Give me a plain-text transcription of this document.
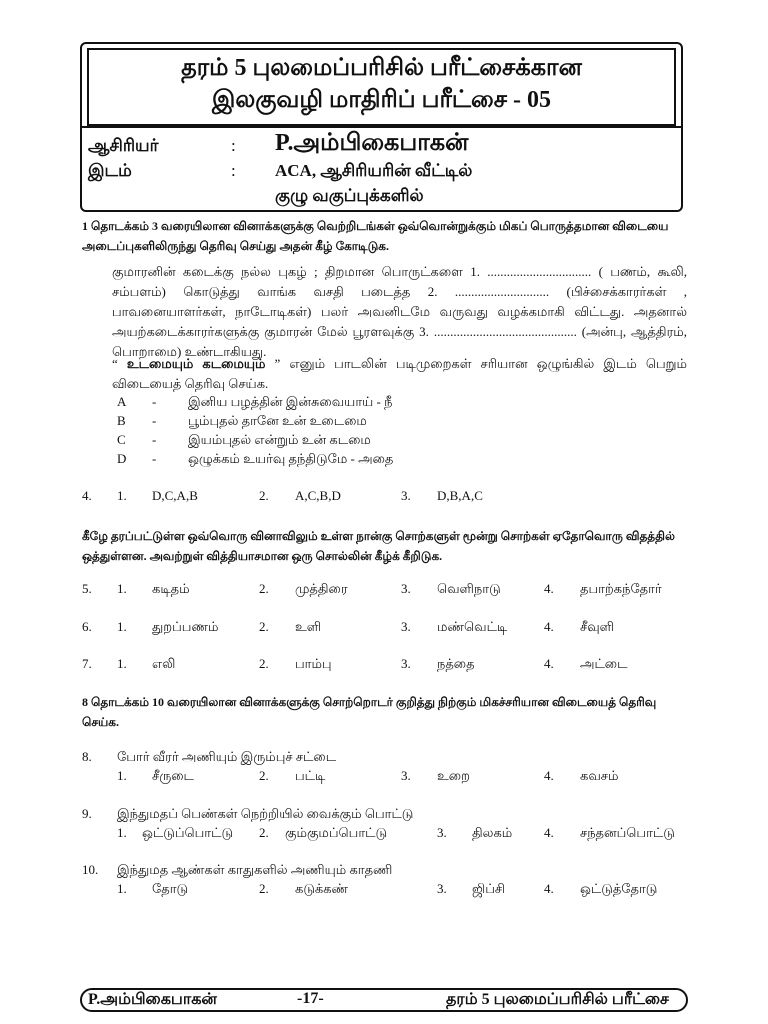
தரம் 5 புலமைப்பரிசில் பரீட்சைக்கான
இலகுவழி மாதிரிப் பரீட்சை - 05
ஆசிரியர்	: P.அம்பிகைபாகன்
இடம்	: ACA, ஆசிரியரின் வீட்டில்
குழு வகுப்புக்களில்
1 தொடக்கம் 3 வரையிலான வினாக்களுக்கு வெற்றிடங்கள் ஒவ்வொன்றுக்கும் மிகப் பொருத்தமான விடையை அடைப்புகளிலிருந்து தெரிவு செய்து அதன் கீழ் கோடிடுக.
குமாரனின் கடைக்கு நல்ல புகழ் ; திறமான பொருட்களை 1. ................................ ( பணம், கூலி, சம்பளம்) கொடுத்து வாங்க வசதி படைத்த 2. ............................. (பிச்சைக்காரர்கள் , பாவனையாளர்கள், நாடோடிகள்) பலர் அவனிடமே வருவது வழக்கமாகி விட்டது. அதனால் அயற்கடைக்காரர்களுக்கு குமாரன் மேல் பூரளவுக்கு 3. ............................................ (அன்பு, ஆத்திரம், பொறாமை) உண்டாகியது.
“ உடமையும் கடமையும் ” எனும் பாடலின் படிமுறைகள் சரியான ஒழுங்கில் இடம் பெறும் விடையைத் தெரிவு செய்க.
A - இனிய பழத்தின் இன்சுவையாய் - நீ
B - பூம்புதல் தானே உன் உடைமை
C - இயம்புதல் என்றும் உன் கடமை
D - ஒழுக்கம் உயர்வு தந்திடுமே - அதை
4. 1. D,C,A,B	2. A,C,B,D	3. D,B,A,C
கீழே தரப்பட்டுள்ள ஒவ்வொரு வினாவிலும் உள்ள நான்கு சொற்களுள் மூன்று சொற்கள் ஏதோவொரு விதத்தில் ஒத்துள்ளன. அவற்றுள் வித்தியாசமான ஒரு சொல்லின் கீழ்க் கீறிடுக.
5. 1. கடிதம்	2. முத்திரை	3. வெளிநாடு	4. தபாற்கந்தோர்
6. 1. துறப்பணம்	2. உளி	3. மண்வெட்டி	4. சீவுளி
7. 1. எலி	2. பாம்பு	3. நத்தை	4. அட்டை
8 தொடக்கம் 10 வரையிலான வினாக்களுக்கு சொற்றொடர் குறித்து நிற்கும் மிகச்சரியான விடையைத் தெரிவு செய்க.
8. போர் வீரர் அணியும் இரும்புச் சட்டை
1. சீருடை	2. பட்டி	3. உறை	4. கவசம்
9. இந்துமதப் பெண்கள் நெற்றியில் வைக்கும் பொட்டு
1. ஒட்டுப்பொட்டு 2. கும்குமப்பொட்டு	3. திலகம் 4. சந்தனப்பொட்டு
10. இந்துமத ஆண்கள் காதுகளில் அணியும் காதணி
1. தோடு	2. கடுக்கண்	3. ஜிப்சி	4. ஒட்டுத்தோடு
P.அம்பிகைபாகன்	-17-	தரம் 5 புலமைப்பரிசில் பரீட்சை
